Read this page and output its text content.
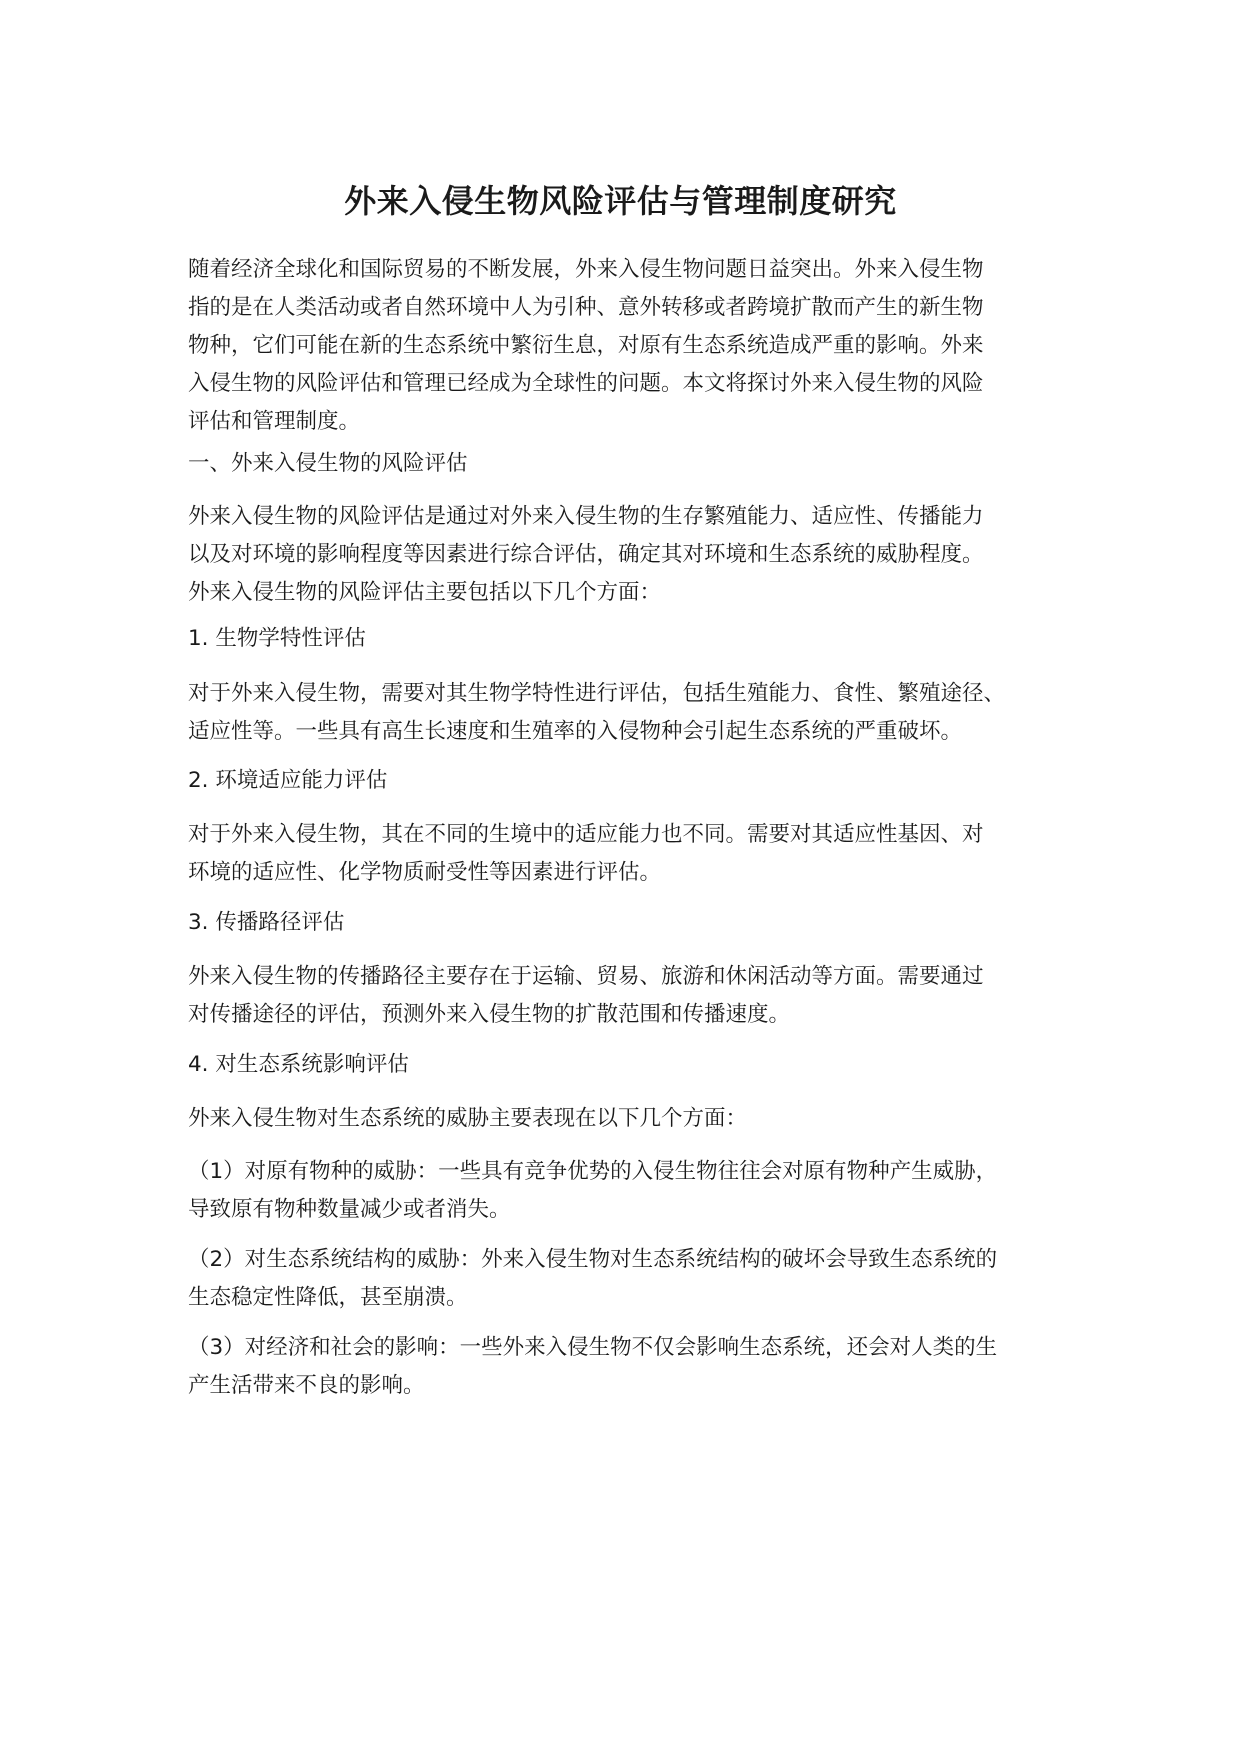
外来入侵生物风险评估与管理制度研究
随着经济全球化和国际贸易的不断发展，外来入侵生物问题日益突出。外来入侵生物
指的是在人类活动或者自然环境中人为引种、意外转移或者跨境扩散而产生的新生物
物种，它们可能在新的生态系统中繁衍生息，对原有生态系统造成严重的影响。外来
入侵生物的风险评估和管理已经成为全球性的问题。本文将探讨外来入侵生物的风险
评估和管理制度。
一、外来入侵生物的风险评估
外来入侵生物的风险评估是通过对外来入侵生物的生存繁殖能力、适应性、传播能力
以及对环境的影响程度等因素进行综合评估，确定其对环境和生态系统的威胁程度。
外来入侵生物的风险评估主要包括以下几个方面：
1. 生物学特性评估
对于外来入侵生物，需要对其生物学特性进行评估，包括生殖能力、食性、繁殖途径、
适应性等。一些具有高生长速度和生殖率的入侵物种会引起生态系统的严重破坏。
2. 环境适应能力评估
对于外来入侵生物，其在不同的生境中的适应能力也不同。需要对其适应性基因、对
环境的适应性、化学物质耐受性等因素进行评估。
3. 传播路径评估
外来入侵生物的传播路径主要存在于运输、贸易、旅游和休闲活动等方面。需要通过
对传播途径的评估，预测外来入侵生物的扩散范围和传播速度。
4. 对生态系统影响评估
外来入侵生物对生态系统的威胁主要表现在以下几个方面：
（1）对原有物种的威胁：一些具有竞争优势的入侵生物往往会对原有物种产生威胁，
导致原有物种数量减少或者消失。
（2）对生态系统结构的威胁：外来入侵生物对生态系统结构的破坏会导致生态系统的
生态稳定性降低，甚至崩溃。
（3）对经济和社会的影响：一些外来入侵生物不仅会影响生态系统，还会对人类的生
产生活带来不良的影响。
